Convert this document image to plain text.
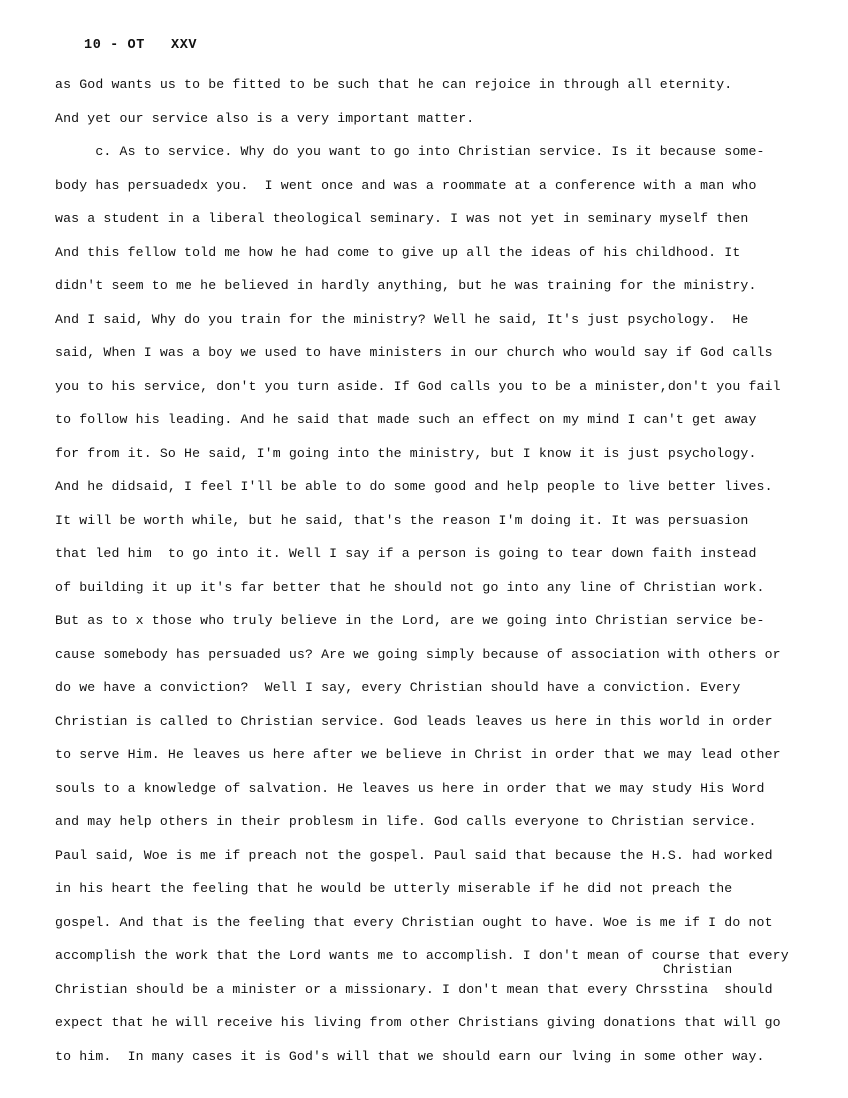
10 - OT   XXV
as God wants us to be fitted to be such that he can rejoice in through all eternity.
And yet our service also is a very important matter.
c. As to service. Why do you want to go into Christian service. Is it because some-
body has persuadedx you.  I went once and was a roommate at a conference with a man who
was a student in a liberal theological seminary. I was not yet in seminary myself then
And this fellow told me how he had come to give up all the ideas of his childhood. It
didn't seem to me he believed in hardly anything, but he was training for the ministry.
And I said, Why do you train for the ministry? Well he said, It's just psychology.  He
said, When I was a boy we used to have ministers in our church who would say if God calls
you to his service, don't you turn aside. If God calls you to be a minister,don't you fail
to follow his leading. And he said that made such an effect on my mind I can't get away
for from it. So He said, I'm going into the ministry, but I know it is just psychology.
And he didsaid, I feel I'll be able to do some good and help people to live better lives.
It will be worth while, but he said, that's the reason I'm doing it. It was persuasion
that led him  to go into it. Well I say if a person is going to tear down faith instead
of building it up it's far better that he should not go into any line of Christian work.
But as to x those who truly believe in the Lord, are we going into Christian service be-
cause somebody has persuaded us? Are we going simply because of association with others or
do we have a conviction?  Well I say, every Christian should have a conviction. Every
Christian is called to Christian service. God leads leaves us here in this world in order
to serve Him. He leaves us here after we believe in Christ in order that we may lead other
souls to a knowledge of salvation. He leaves us here in order that we may study His Word
and may help others in their problesm in life. God calls everyone to Christian service.
Paul said, Woe is me if preach not the gospel. Paul said that because the H.S. had worked
in his heart the feeling that he would be utterly miserable if he did not preach the
gospel. And that is the feeling that every Christian ought to have. Woe is me if I do not
accomplish the work that the Lord wants me to accomplish. I don't mean of course that every
Christian should be a minister or a missionary. I don't mean that every Chrsstina  should
expect that he will receive his living from other Christians giving donations that will go
to him.  In many cases it is God's will that we should earn our lving in some other way.
Christian
